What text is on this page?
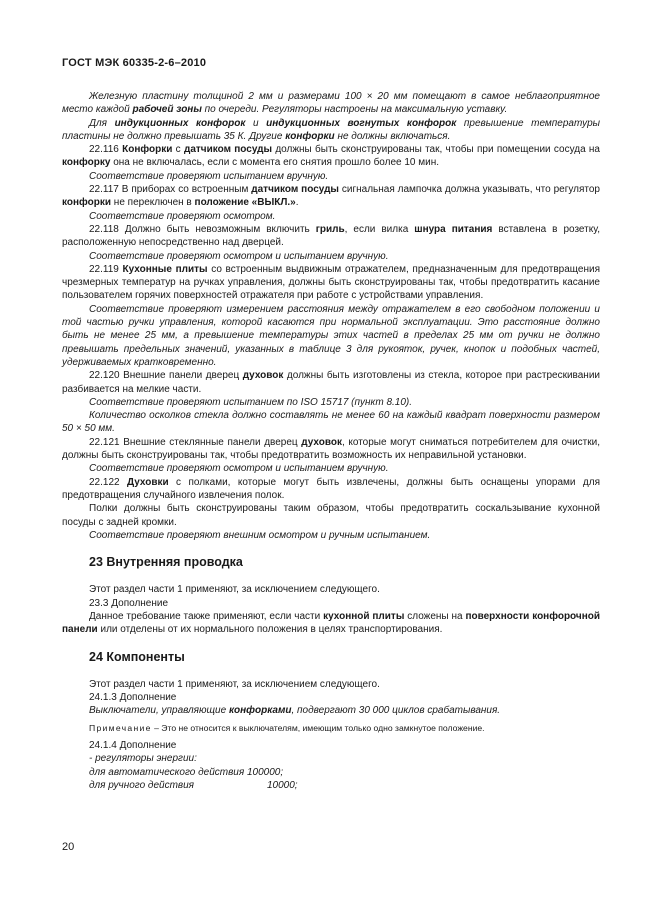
ГОСТ МЭК 60335-2-6–2010

Железную пластину толщиной 2 мм и размерами 100 × 20 мм помещают в самое неблагоприятное место каждой рабочей зоны по очереди. Регуляторы настроены на максимальную уставку.

Для индукционных конфорок и индукционных вогнутых конфорок превышение температуры пластины не должно превышать 35 К. Другие конфорки не должны включаться.

22.116 Конфорки с датчиком посуды должны быть сконструированы так, чтобы при помещении сосуда на конфорку она не включалась, если с момента его снятия прошло более 10 мин.

Соответствие проверяют испытанием вручную.

22.117 В приборах со встроенным датчиком посуды сигнальная лампочка должна указывать, что регулятор конфорки не переключен в положение «ВЫКЛ.».

Соответствие проверяют осмотром.

22.118 Должно быть невозможным включить гриль, если вилка шнура питания вставлена в розетку, расположенную непосредственно над дверцей.

Соответствие проверяют осмотром и испытанием вручную.

22.119 Кухонные плиты со встроенным выдвижным отражателем, предназначенным для предотвращения чрезмерных температур на ручках управления, должны быть сконструированы так, чтобы предотвратить касание пользователем горячих поверхностей отражателя при работе с устройствами управления.

Соответствие проверяют измерением расстояния между отражателем в его свободном положении и той частью ручки управления, которой касаются при нормальной эксплуатации. Это расстояние должно быть не менее 25 мм, а превышение температуры этих частей в пределах 25 мм от ручки не должно превышать предельных значений, указанных в таблице 3 для рукояток, ручек, кнопок и подобных частей, удерживаемых кратковременно.

22.120 Внешние панели дверец духовок должны быть изготовлены из стекла, которое при растрескивании разбивается на мелкие части.

Соответствие проверяют испытанием по ISO 15717 (пункт 8.10).

Количество осколков стекла должно составлять не менее 60 на каждый квадрат поверхности размером 50 × 50 мм.

22.121 Внешние стеклянные панели дверец духовок, которые могут сниматься потребителем для очистки, должны быть сконструированы так, чтобы предотвратить возможность их неправильной установки.

Соответствие проверяют осмотром и испытанием вручную.

22.122 Духовки с полками, которые могут быть извлечены, должны быть оснащены упорами для предотвращения случайного извлечения полок.

Полки должны быть сконструированы таким образом, чтобы предотвратить соскальзывание кухонной посуды с задней кромки.

Соответствие проверяют внешним осмотром и ручным испытанием.

23 Внутренняя проводка

Этот раздел части 1 применяют, за исключением следующего.

23.3 Дополнение

Данное требование также применяют, если части кухонной плиты сложены на поверхности конфорочной панели или отделены от их нормального положения в целях транспортирования.

24 Компоненты

Этот раздел части 1 применяют, за исключением следующего.

24.1.3 Дополнение

Выключатели, управляющие конфорками, подвергают 30 000 циклов срабатывания.

Примечание – Это не относится к выключателям, имеющим только одно замкнутое положение.

24.1.4 Дополнение

- регуляторы энергии:

для автоматического действия 100000;

для ручного действия	10000;

20
